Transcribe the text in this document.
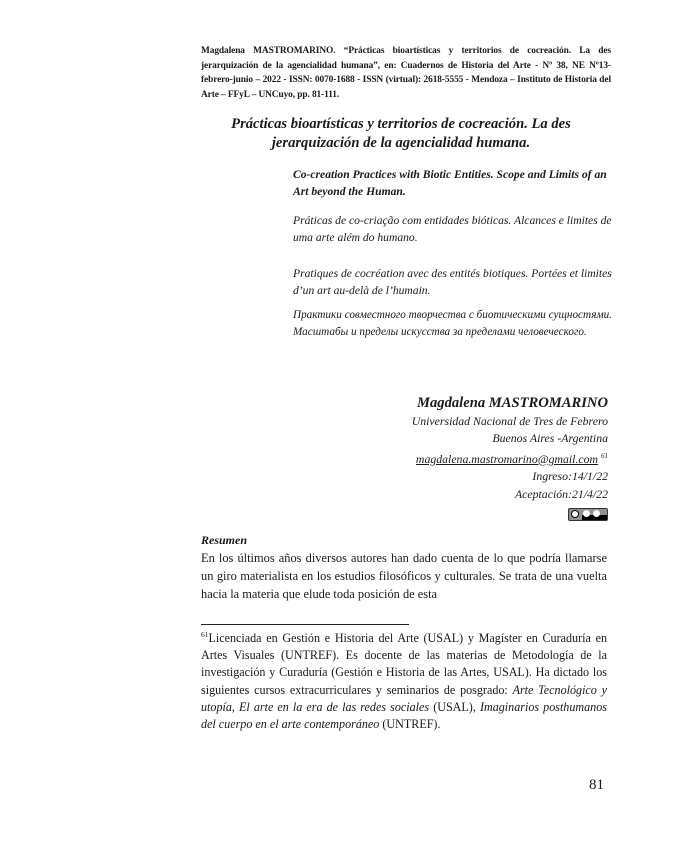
Magdalena MASTROMARINO. “Prácticas bioartísticas y territorios de cocreación. La des jerarquización de la agencialidad humana”, en: Cuadernos de Historia del Arte - Nº 38, NE Nº13- febrero-junio – 2022 - ISSN: 0070-1688 - ISSN (virtual): 2618-5555 - Mendoza – Instituto de Historia del Arte – FFyL – UNCuyo, pp. 81-111.
Prácticas bioartísticas y territorios de cocreación. La des jerarquización de la agencialidad humana.
Co-creation Practices with Biotic Entities. Scope and Limits of an Art beyond the Human.
Práticas de co-criação com entidades bióticas. Alcances e limites de uma arte além do humano.
Pratiques de cocréation avec des entités biotiques. Portées et limites d’un art au-delà de l’humain.
Практики совместного творчества с биотическими сущностями. Масштабы и пределы искусства за пределами человеческого.
Magdalena MASTROMARINO
Universidad Nacional de Tres de Febrero
Buenos Aires -Argentina
magdalena.mastromarino@gmail.com $^{61}$
Ingreso:14/1/22
Aceptación:21/4/22
Resumen
En los últimos años diversos autores han dado cuenta de lo que podría llamarse un giro materialista en los estudios filosóficos y culturales. Se trata de una vuelta hacia la materia que elude toda posición de esta
$^{61}$Licenciada en Gestión e Historia del Arte (USAL) y Magíster en Curaduría en Artes Visuales (UNTREF). Es docente de las materias de Metodología de la investigación y Curaduría (Gestión e Historia de las Artes, USAL). Ha dictado los siguientes cursos extracurriculares y seminarios de posgrado: Arte Tecnológico y utopía, El arte en la era de las redes sociales (USAL), Imaginarios posthumanos del cuerpo en el arte contemporáneo (UNTREF).
81
